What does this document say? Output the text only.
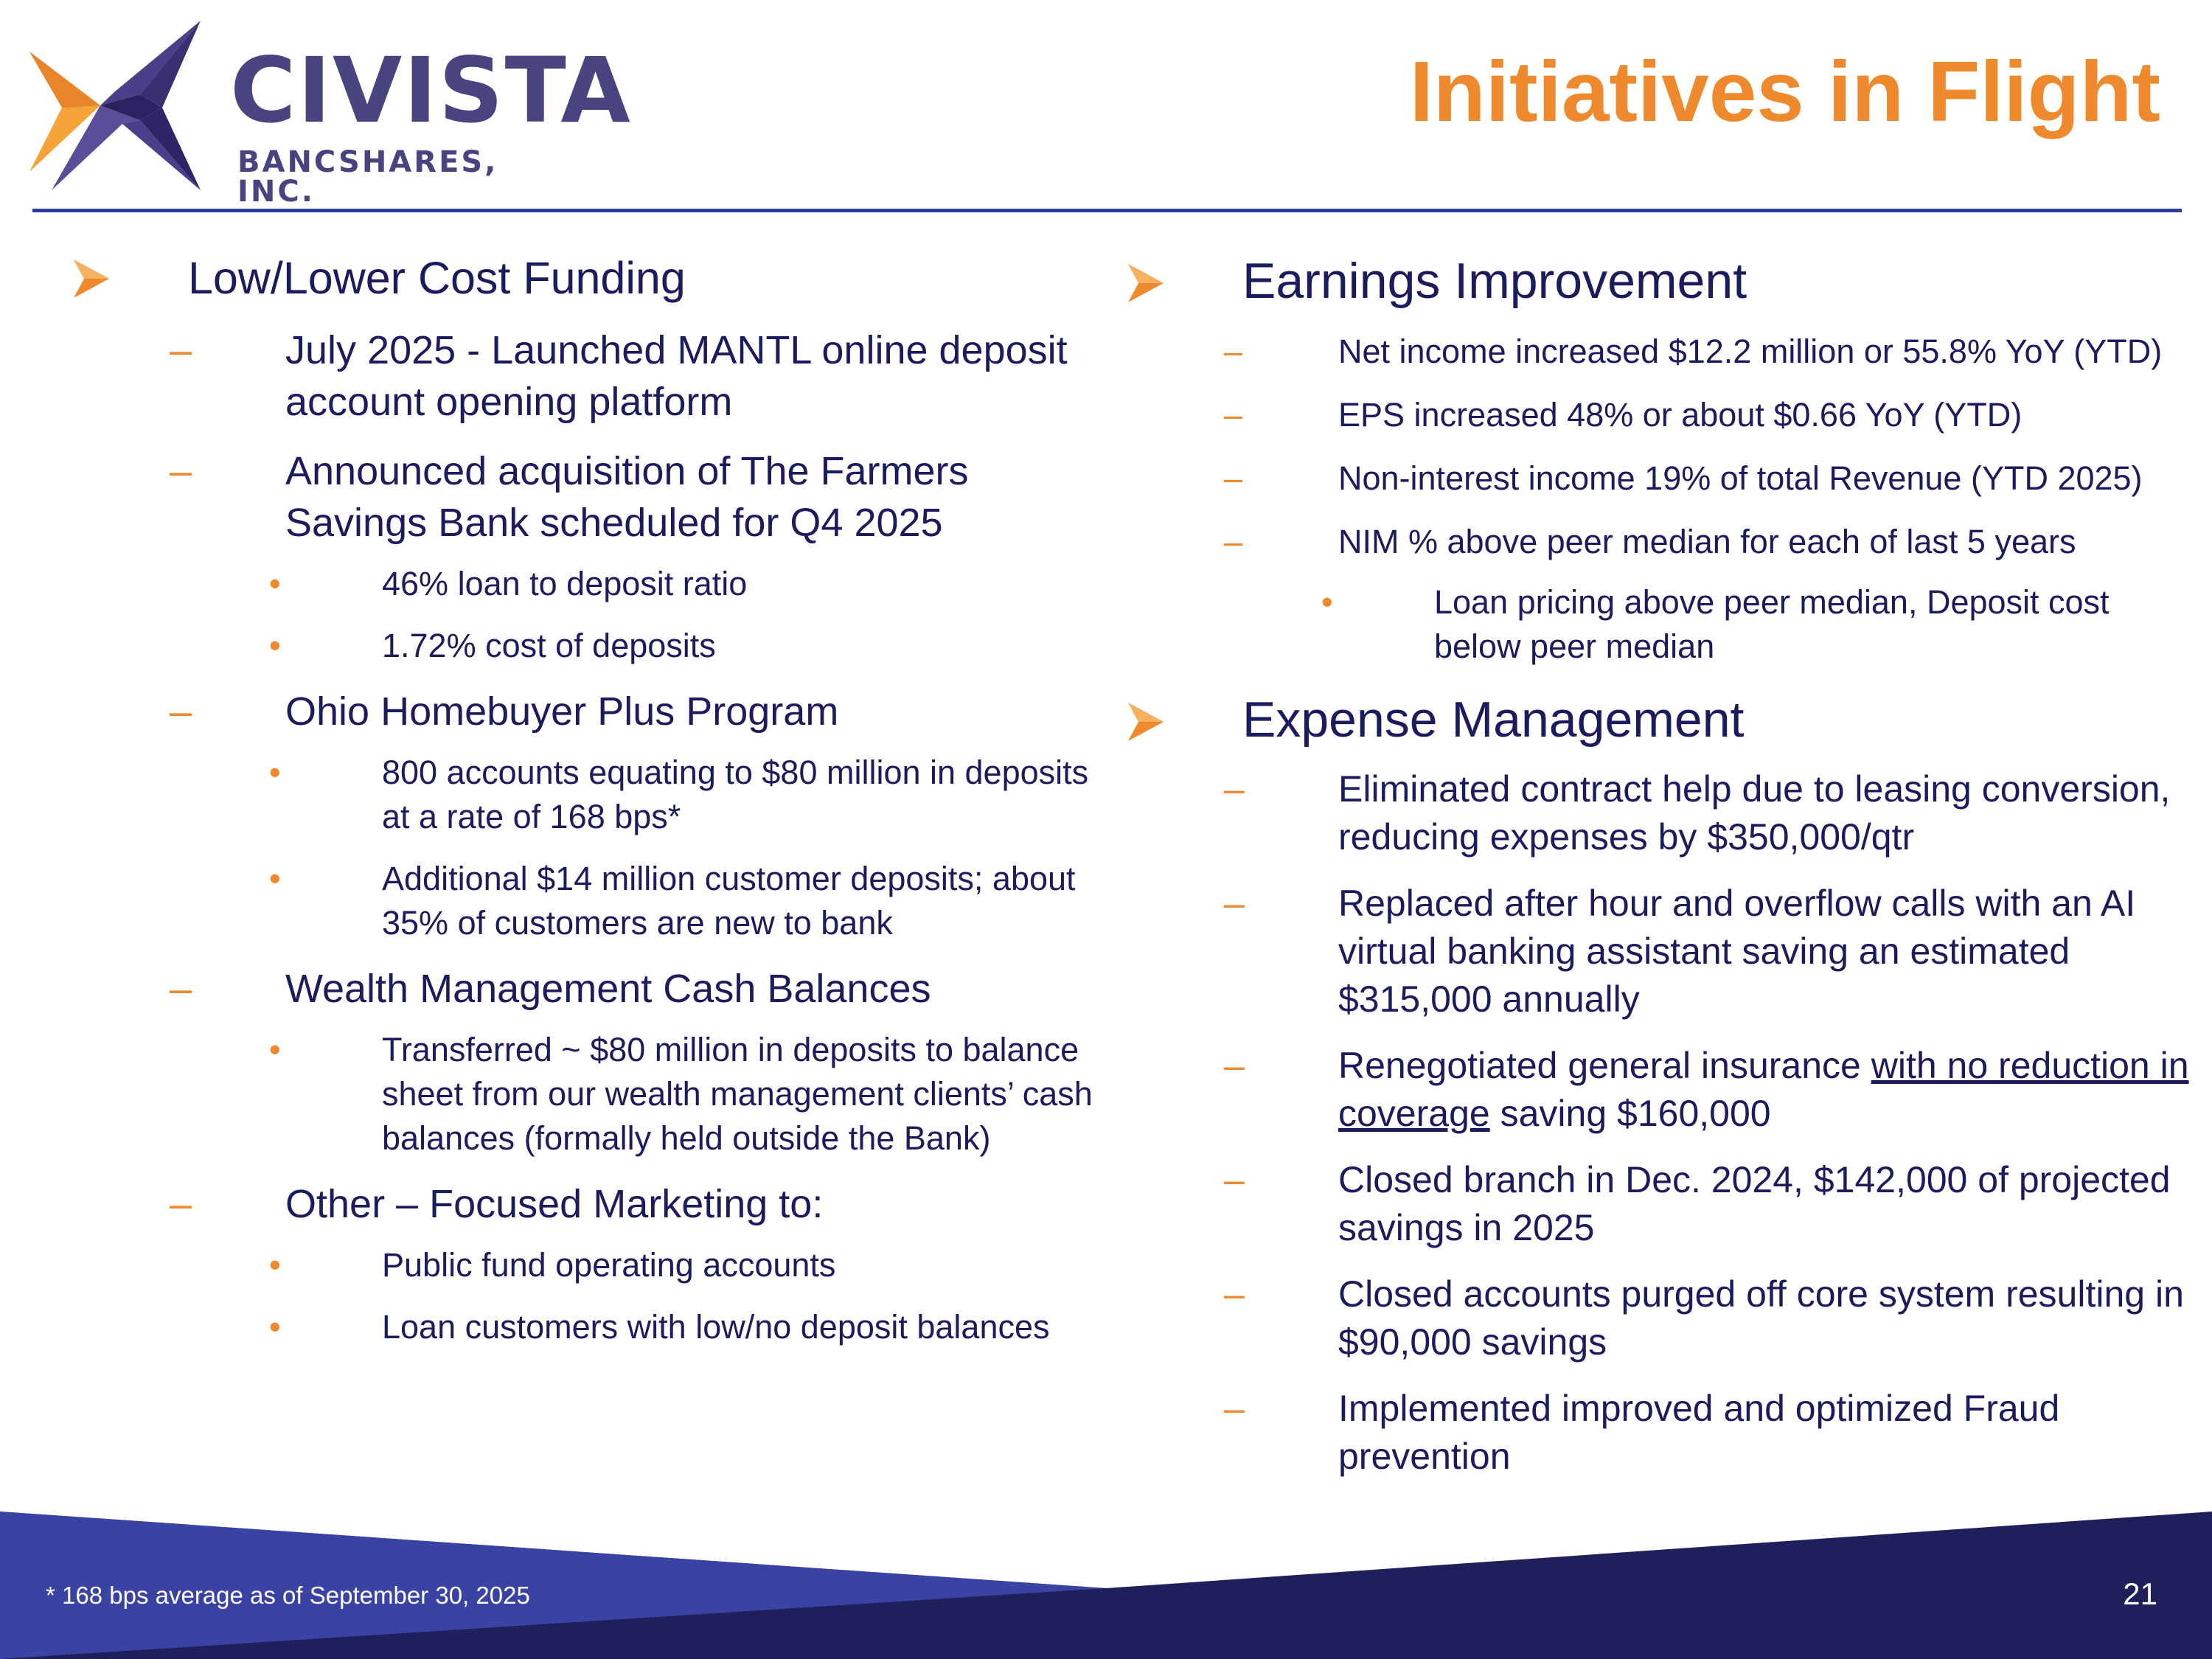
CIVISTA
BANCSHARES, INC.
Initiatives in Flight
Low/Lower Cost Funding
– July 2025 - Launched MANTL online deposit account opening platform
– Announced acquisition of The Farmers Savings Bank scheduled for Q4 2025
•	46% loan to deposit ratio
•	1.72% cost of deposits
– Ohio Homebuyer Plus Program
•	800 accounts equating to $80 million in deposits at a rate of 168 bps*
•	Additional $14 million customer deposits; about 35% of customers are new to bank
– Wealth Management Cash Balances
•	Transferred ~ $80 million in deposits to balance sheet from our wealth management clients’ cash balances (formally held outside the Bank)
– Other – Focused Marketing to:
•	Public fund operating accounts
•	Loan customers with low/no deposit balances
Earnings Improvement
–	Net income increased $12.2 million or 55.8% YoY (YTD)
–	EPS increased 48% or about $0.66 YoY (YTD)
–	Non-interest income 19% of total Revenue (YTD 2025)
–	NIM % above peer median for each of last 5 years
•	Loan pricing above peer median, Deposit cost below peer median
Expense Management
–	Eliminated contract help due to leasing conversion, reducing expenses by $350,000/qtr
–	Replaced after hour and overflow calls with an AI virtual banking assistant saving an estimated $315,000 annually
–	Renegotiated general insurance with no reduction in coverage saving $160,000
–	Closed branch in Dec. 2024, $142,000 of projected savings in 2025
–	Closed accounts purged off core system resulting in $90,000 savings
–	Implemented improved and optimized Fraud prevention
* 168 bps average as of September 30, 2025	21
